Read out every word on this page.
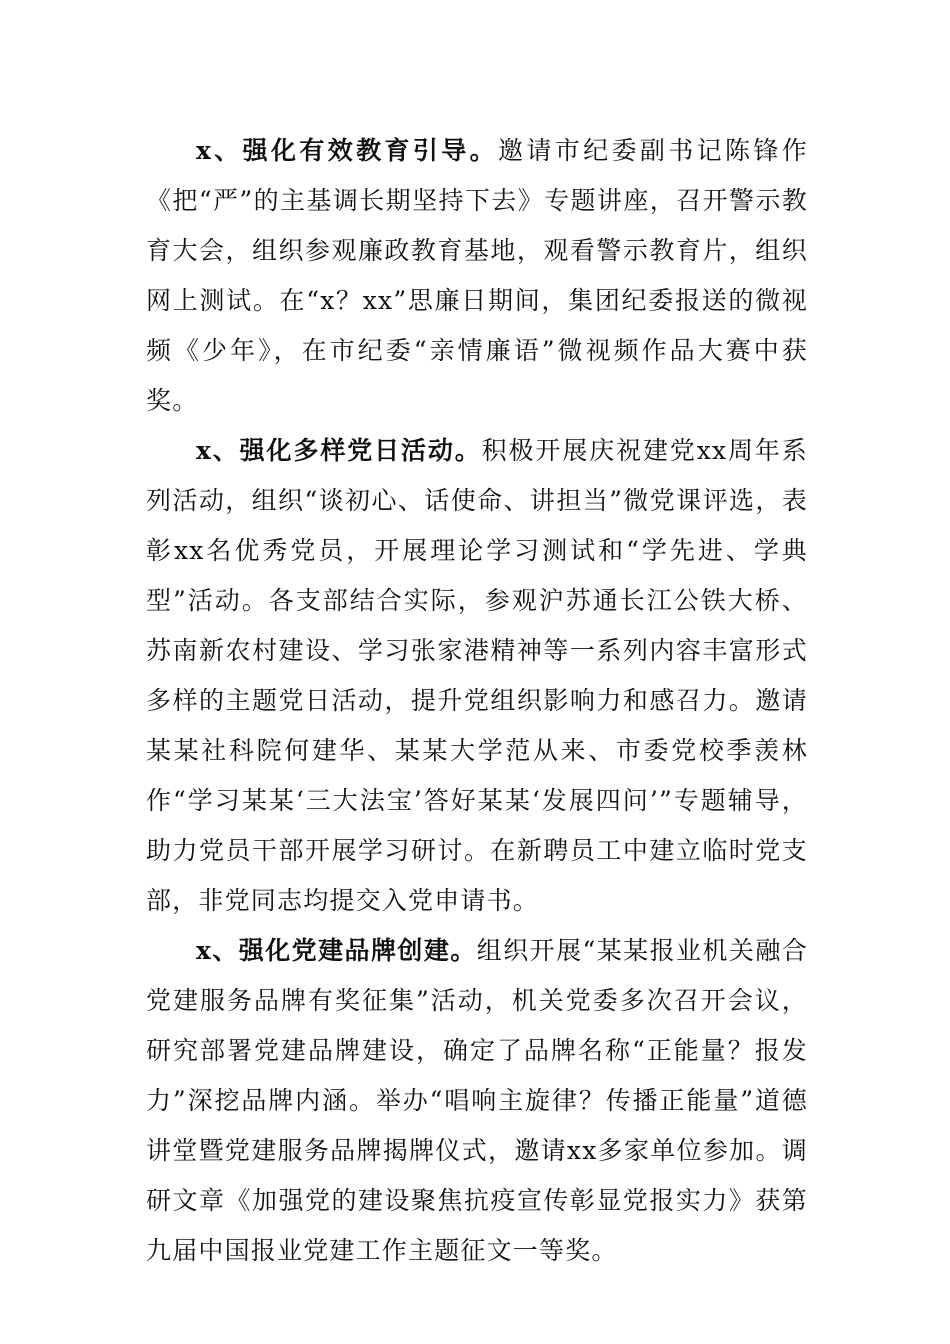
x、强化有效教育引导。邀请市纪委副书记陈锋作《把“严”的主基调长期坚持下去》专题讲座，召开警示教育大会，组织参观廉政教育基地，观看警示教育片，组织网上测试。在“x？xx”思廉日期间，集团纪委报送的微视频《少年》，在市纪委“亲情廉语”微视频作品大赛中获奖。

x、强化多样党日活动。积极开展庆祝建党xx周年系列活动，组织“谈初心、话使命、讲担当”微党课评选，表彰xx名优秀党员，开展理论学习测试和“学先进、学典型”活动。各支部结合实际，参观沪苏通长江公铁大桥、苏南新农村建设、学习张家港精神等一系列内容丰富形式多样的主题党日活动，提升党组织影响力和感召力。邀请某某社科院何建华、某某大学范从来、市委党校季羡林作“学习某某‘三大法宝’答好某某‘发展四问’”专题辅导，助力党员干部开展学习研讨。在新聘员工中建立临时党支部，非党同志均提交入党申请书。

x、强化党建品牌创建。组织开展“某某报业机关融合党建服务品牌有奖征集”活动，机关党委多次召开会议，研究部署党建品牌建设，确定了品牌名称“正能量？报发力”深挖品牌内涵。举办“唱响主旋律？传播正能量”道德讲堂暨党建服务品牌揭牌仪式，邀请xx多家单位参加。调研文章《加强党的建设聚焦抗疫宣传彰显党报实力》获第九届中国报业党建工作主题征文一等奖。
